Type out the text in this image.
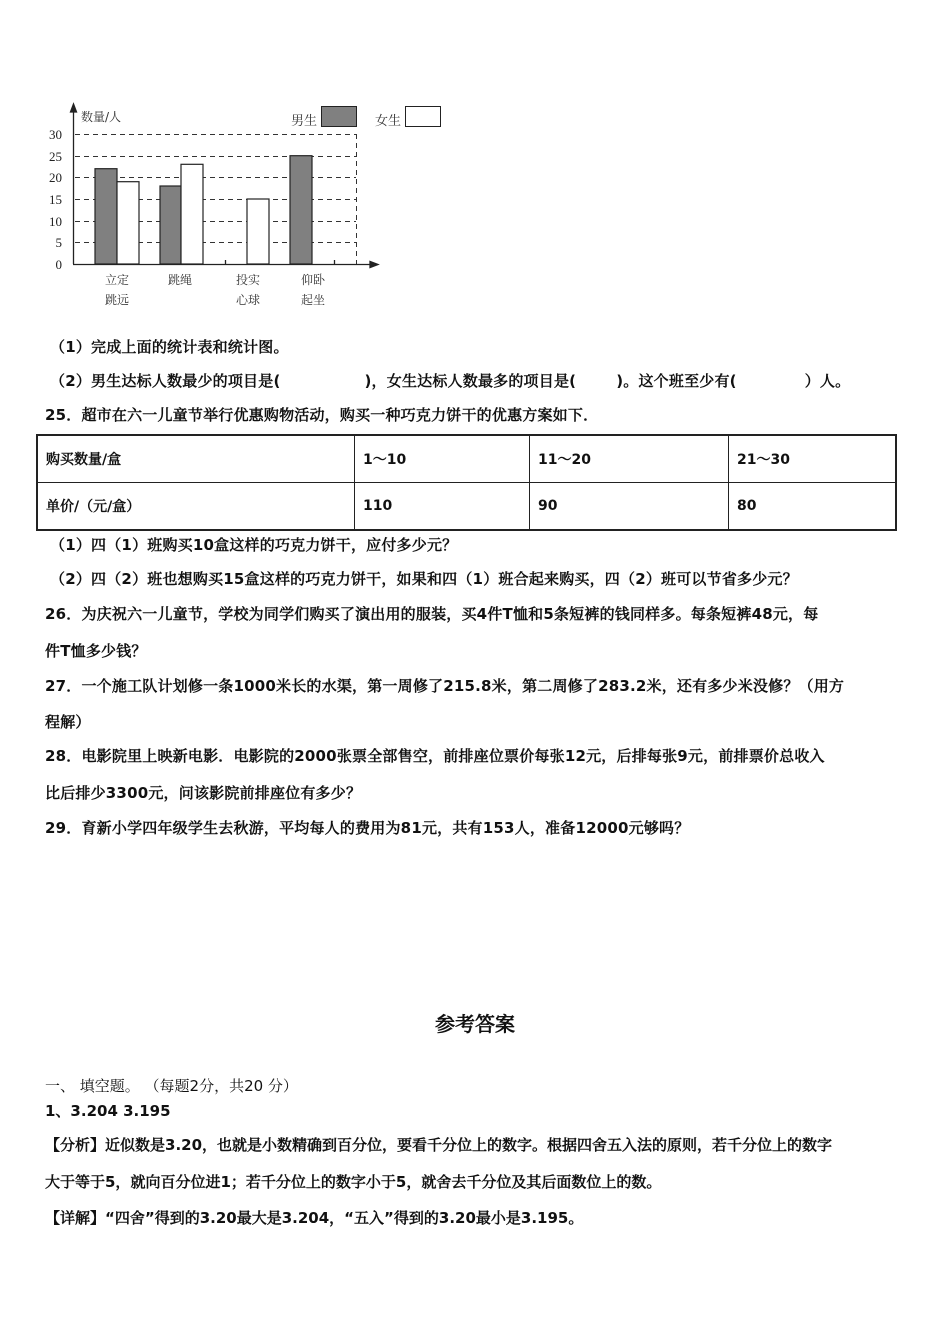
数量/人
30
25
20
15
10
5
0
男生	女生
立定
跳远
跳绳	投实
心球
仰卧
起坐
（1）完成上面的统计表和统计图。
（2）男生达标人数最少的项目是(	)，女生达标人数最多的项目是(	)。这个班至少有(	）人。
25．超市在六一儿童节举行优惠购物活动，购买一种巧克力饼干的优惠方案如下．
购买数量/盒	1～10	11～20	21～30
单价/（元/盒）	110	90	80
（1）四（1）班购买10盒这样的巧克力饼干，应付多少元？
（2）四（2）班也想购买15盒这样的巧克力饼干，如果和四（1）班合起来购买，四（2）班可以节省多少元？
26．为庆祝六一儿童节，学校为同学们购买了演出用的服装，买4件T恤和5条短裤的钱同样多。每条短裤48元，每
件T恤多少钱？
27．一个施工队计划修一条1000米长的水渠，第一周修了215.8米，第二周修了283.2米，还有多少米没修？（用方
程解）
28．电影院里上映新电影．电影院的2000张票全部售空，前排座位票价每张12元，后排每张9元，前排票价总收入
比后排少3300元，问该影院前排座位有多少？
29．育新小学四年级学生去秋游，平均每人的费用为81元，共有153人，准备12000元够吗？
参考答案
一、 填空题。 （每题2分，共20 分）
1、3.204 3.195
【分析】近似数是3.20，也就是小数精确到百分位，要看千分位上的数字。根据四舍五入法的原则，若千分位上的数字
大于等于5，就向百分位进1；若千分位上的数字小于5，就舍去千分位及其后面数位上的数。
【详解】“四舍”得到的3.20最大是3.204，“五入”得到的3.20最小是3.195。
